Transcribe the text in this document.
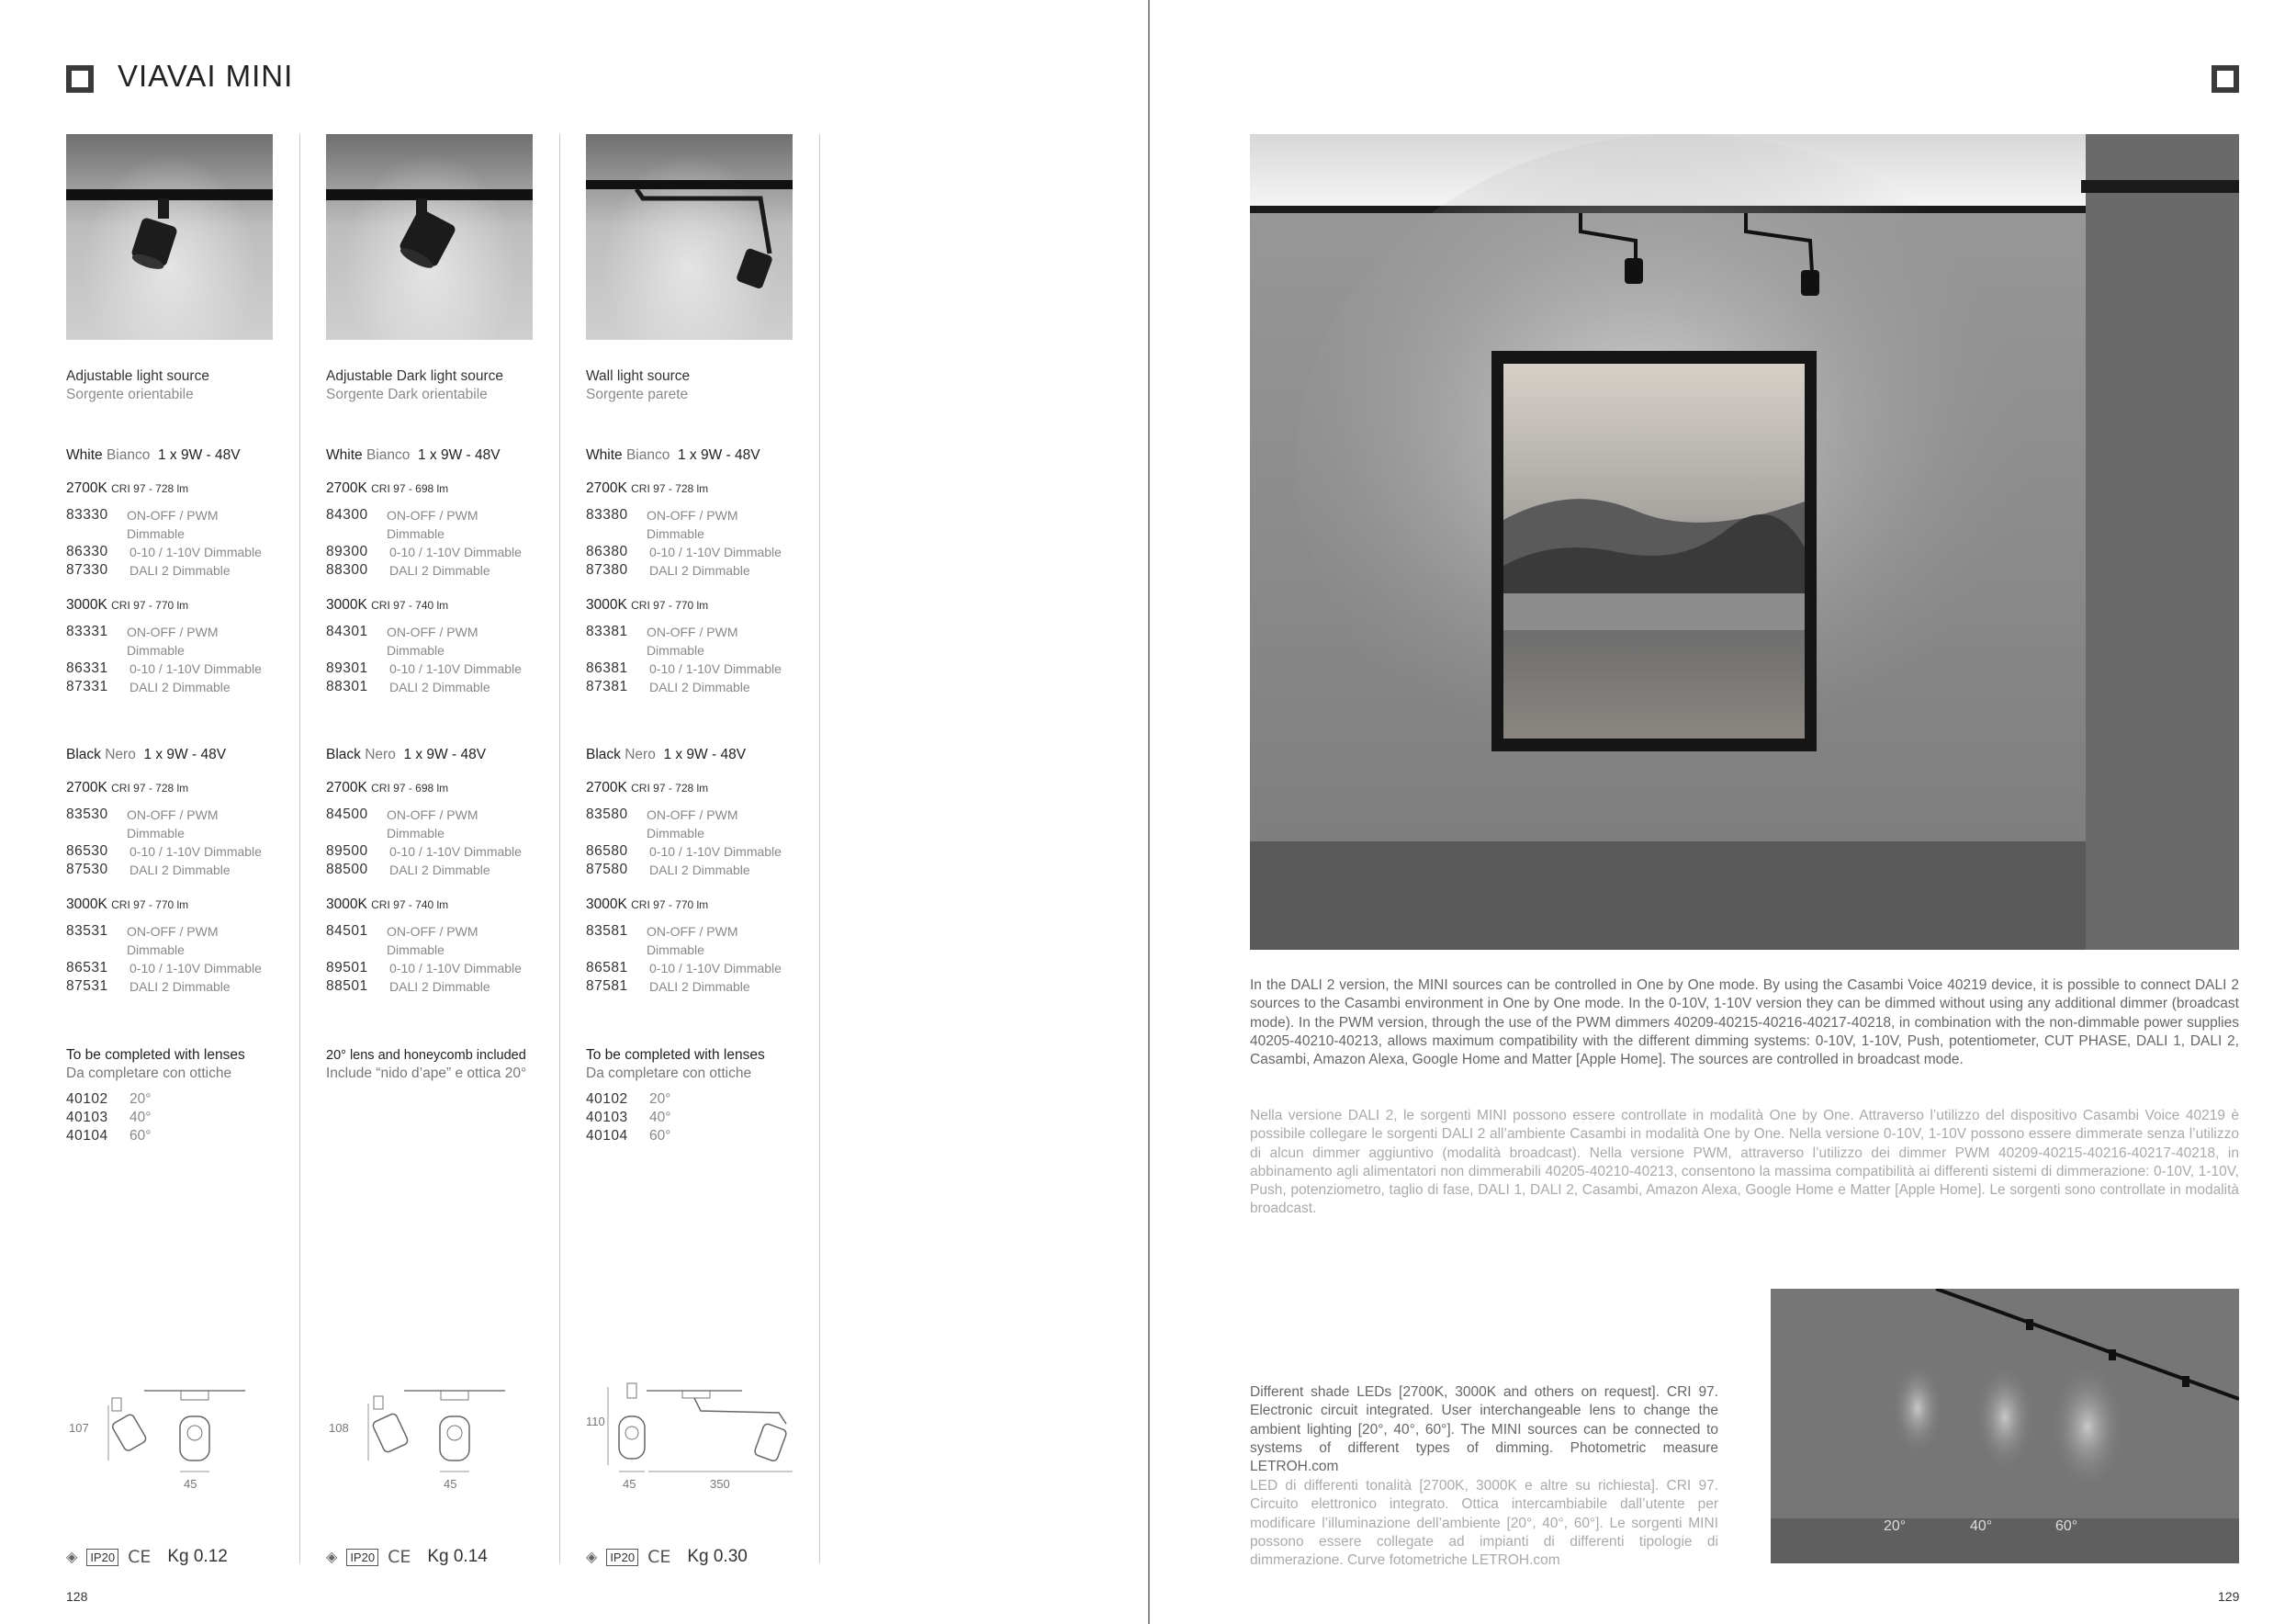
VIAVAI MINI
Adjustable light source
Sorgente orientabile
White Bianco 1 x 9W - 48V
2700K CRI 97 - 728 lm
83330	ON-OFF / PWM Dimmable
86330	0-10 / 1-10V Dimmable
87330	DALI 2 Dimmable
3000K CRI 97 - 770 lm
83331	ON-OFF / PWM Dimmable
86331	0-10 / 1-10V Dimmable
87331	DALI 2 Dimmable
Black Nero 1 x 9W - 48V
2700K CRI 97 - 728 lm
83530	ON-OFF / PWM Dimmable
86530	0-10 / 1-10V Dimmable
87530	DALI 2 Dimmable
3000K CRI 97 - 770 lm
83531	ON-OFF / PWM Dimmable
86531	0-10 / 1-10V Dimmable
87531	DALI 2 Dimmable
To be completed with lenses
Da completare con ottiche
40102	20°
40103	40°
40104	60°
Adjustable Dark light source
Sorgente Dark orientabile
White Bianco 1 x 9W - 48V
2700K CRI 97 - 698 lm
84300	ON-OFF / PWM Dimmable
89300	0-10 / 1-10V Dimmable
88300	DALI 2 Dimmable
3000K CRI 97 - 740 lm
84301	ON-OFF / PWM Dimmable
89301	0-10 / 1-10V Dimmable
88301	DALI 2 Dimmable
Black Nero 1 x 9W - 48V
2700K CRI 97 - 698 lm
84500	ON-OFF / PWM Dimmable
89500	0-10 / 1-10V Dimmable
88500	DALI 2 Dimmable
3000K CRI 97 - 740 lm
84501	ON-OFF / PWM Dimmable
89501	0-10 / 1-10V Dimmable
88501	DALI 2 Dimmable
20° lens and honeycomb included
Include “nido d’ape” e ottica 20°
Wall light source
Sorgente parete
White Bianco 1 x 9W - 48V
2700K CRI 97 - 728 lm
83380	ON-OFF / PWM Dimmable
86380	0-10 / 1-10V Dimmable
87380	DALI 2 Dimmable
3000K CRI 97 - 770 lm
83381	ON-OFF / PWM Dimmable
86381	0-10 / 1-10V Dimmable
87381	DALI 2 Dimmable
Black Nero 1 x 9W - 48V
2700K CRI 97 - 728 lm
83580	ON-OFF / PWM Dimmable
86580	0-10 / 1-10V Dimmable
87580	DALI 2 Dimmable
3000K CRI 97 - 770 lm
83581	ON-OFF / PWM Dimmable
86581	0-10 / 1-10V Dimmable
87581	DALI 2 Dimmable
To be completed with lenses
Da completare con ottiche
40102	20°
40103	40°
40104	60°
107
45
108
45
110
45	350
◈	IP20 CE Kg 0.12	◈	IP20 CE Kg 0.14	◈	IP20 CE Kg 0.30
128
In the DALI 2 version, the MINI sources can be controlled in One by One mode. By using the Casambi Voice 40219 device, it is possible to connect DALI 2 sources to the Casambi environment in One by One mode. In the 0-10V, 1-10V version they can be dimmed without using any additional dimmer (broadcast mode). In the PWM version, through the use of the PWM dimmers 40209-40215-40216-40217-40218, in combination with the non-dimmable power supplies 40205-40210-40213, allows maximum compatibility with the different dimming systems: 0-10V, 1-10V, Push, potentiometer, CUT PHASE, DALI 1, DALI 2, Casambi, Amazon Alexa, Google Home and Matter [Apple Home]. The sources are controlled in broadcast mode.
Nella versione DALI 2, le sorgenti MINI possono essere controllate in modalità One by One. Attraverso l’utilizzo del dispositivo Casambi Voice 40219 è possibile collegare le sorgenti DALI 2 all’ambiente Casambi in modalità One by One. Nella versione 0-10V, 1-10V possono essere dimmerate senza l’utilizzo di alcun dimmer aggiuntivo (modalità broadcast). Nella versione PWM, attraverso l’utilizzo dei dimmer PWM 40209-40215-40216-40217-40218, in abbinamento agli alimentatori non dimmerabili 40205-40210-40213, consentono la massima compatibilità ai differenti sistemi di dimmerazione: 0-10V, 1-10V, Push, potenziometro, taglio di fase, DALI 1, DALI 2, Casambi, Amazon Alexa, Google Home e Matter [Apple Home]. Le sorgenti sono controllate in modalità broadcast.
Different shade LEDs [2700K, 3000K and others on request]. CRI 97. Electronic circuit integrated. User interchangeable lens to change the ambient lighting [20°, 40°, 60°]. The MINI sources can be connected to systems of different types of dimming. Photometric measure LETROH.com
LED di differenti tonalità [2700K, 3000K e altre su richiesta]. CRI 97. Circuito elettronico integrato. Ottica intercambiabile dall’utente per modificare l’illuminazione dell’ambiente [20°, 40°, 60°]. Le sorgenti MINI possono essere collegate ad impianti di differenti tipologie di dimmerazione. Curve fotometriche LETROH.com
20°	40°	60°
129
